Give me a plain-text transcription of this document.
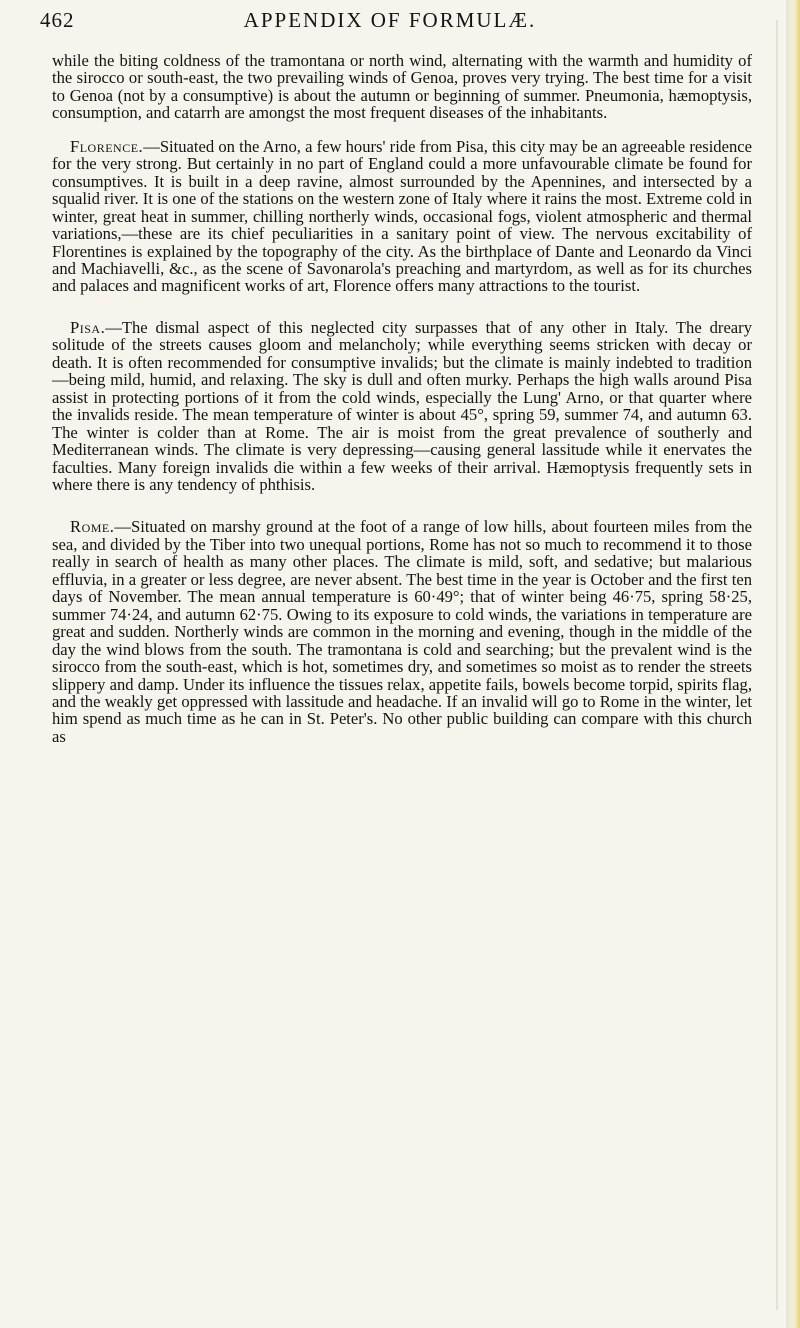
462	APPENDIX OF FORMULÆ.

while the biting coldness of the tramontana or north wind, alternating with the warmth and humidity of the sirocco or south-east, the two prevailing winds of Genoa, proves very trying. The best time for a visit to Genoa (not by a consumptive) is about the autumn or beginning of summer. Pneumonia, hæmoptysis, consumption, and catarrh are amongst the most frequent diseases of the inhabitants.

Florence.—Situated on the Arno, a few hours' ride from Pisa, this city may be an agreeable residence for the very strong. But certainly in no part of England could a more unfavourable climate be found for consumptives. It is built in a deep ravine, almost surrounded by the Apennines, and intersected by a squalid river. It is one of the stations on the western zone of Italy where it rains the most. Extreme cold in winter, great heat in summer, chilling northerly winds, occasional fogs, violent atmospheric and thermal variations,—these are its chief peculiarities in a sanitary point of view. The nervous excitability of Florentines is explained by the topography of the city. As the birthplace of Dante and Leonardo da Vinci and Machiavelli, &c., as the scene of Savonarola's preaching and martyrdom, as well as for its churches and palaces and magnificent works of art, Florence offers many attractions to the tourist.

Pisa.—The dismal aspect of this neglected city surpasses that of any other in Italy. The dreary solitude of the streets causes gloom and melancholy; while everything seems stricken with decay or death. It is often recommended for consumptive invalids; but the climate is mainly indebted to tradition—being mild, humid, and relaxing. The sky is dull and often murky. Perhaps the high walls around Pisa assist in protecting portions of it from the cold winds, especially the Lung' Arno, or that quarter where the invalids reside. The mean temperature of winter is about 45°, spring 59, summer 74, and autumn 63. The winter is colder than at Rome. The air is moist from the great prevalence of southerly and Mediterranean winds. The climate is very depressing—causing general lassitude while it enervates the faculties. Many foreign invalids die within a few weeks of their arrival. Hæmoptysis frequently sets in where there is any tendency of phthisis.

Rome.—Situated on marshy ground at the foot of a range of low hills, about fourteen miles from the sea, and divided by the Tiber into two unequal portions, Rome has not so much to recommend it to those really in search of health as many other places. The climate is mild, soft, and sedative; but malarious effluvia, in a greater or less degree, are never absent. The best time in the year is October and the first ten days of November. The mean annual temperature is 60·49°; that of winter being 46·75, spring 58·25, summer 74·24, and autumn 62·75. Owing to its exposure to cold winds, the variations in temperature are great and sudden. Northerly winds are common in the morning and evening, though in the middle of the day the wind blows from the south. The tramontana is cold and searching; but the prevalent wind is the sirocco from the south-east, which is hot, sometimes dry, and sometimes so moist as to render the streets slippery and damp. Under its influence the tissues relax, appetite fails, bowels become torpid, spirits flag, and the weakly get oppressed with lassitude and headache. If an invalid will go to Rome in the winter, let him spend as much time as he can in St. Peter's. No other public building can compare with this church as
